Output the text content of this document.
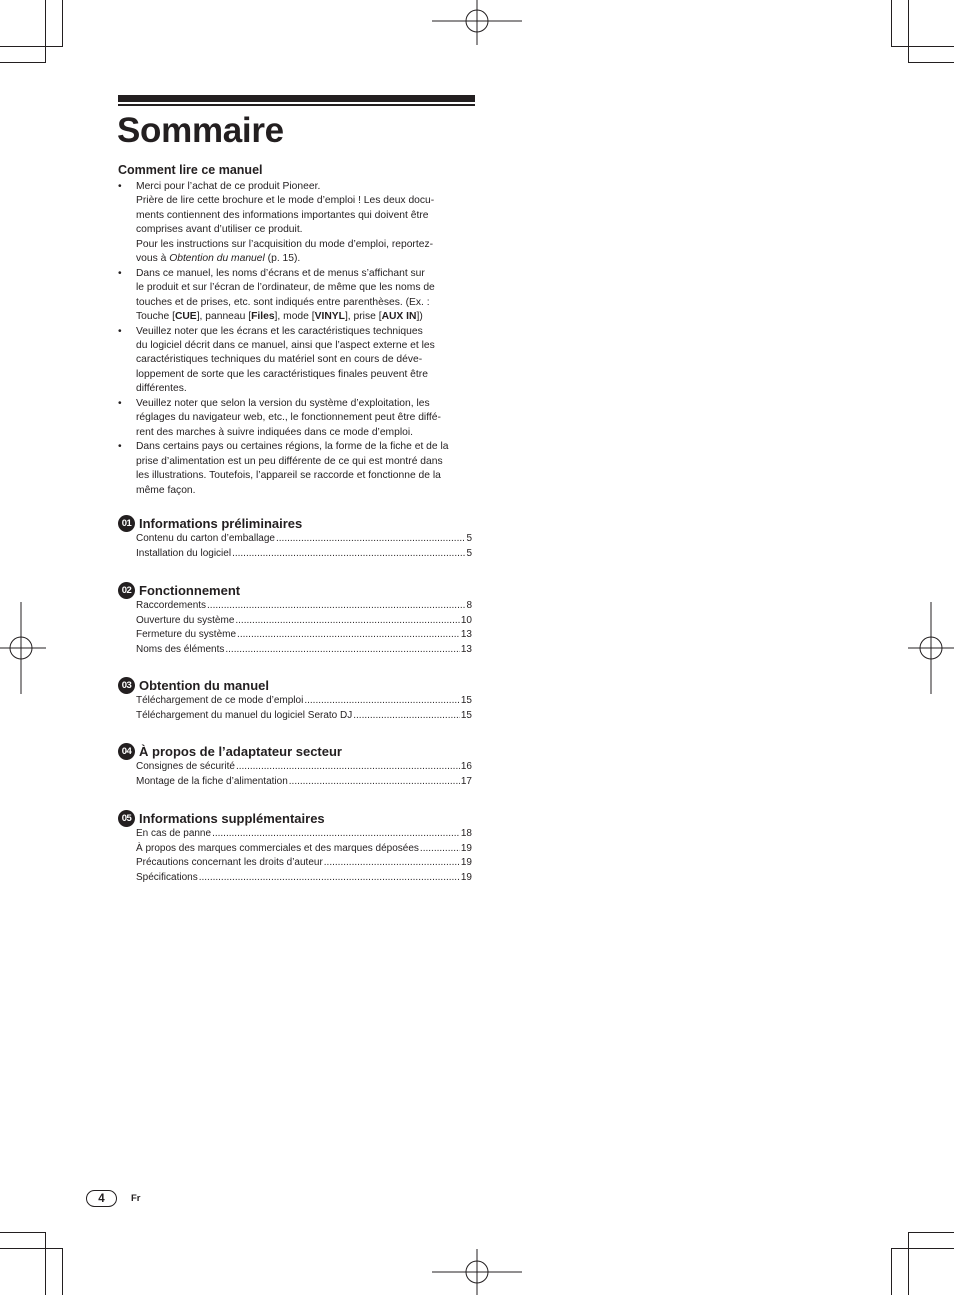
Sommaire

Comment lire ce manuel

• Merci pour l’achat de ce produit Pioneer.
Prière de lire cette brochure et le mode d’emploi ! Les deux docu-
ments contiennent des informations importantes qui doivent être
comprises avant d’utiliser ce produit.
Pour les instructions sur l’acquisition du mode d’emploi, reportez-
vous à Obtention du manuel (p. 15).
• Dans ce manuel, les noms d’écrans et de menus s’affichant sur
le produit et sur l’écran de l’ordinateur, de même que les noms de
touches et de prises, etc. sont indiqués entre parenthèses. (Ex. :
Touche [CUE], panneau [Files], mode [VINYL], prise [AUX IN])
• Veuillez noter que les écrans et les caractéristiques techniques
du logiciel décrit dans ce manuel, ainsi que l’aspect externe et les
caractéristiques techniques du matériel sont en cours de déve-
loppement de sorte que les caractéristiques finales peuvent être
différentes.
• Veuillez noter que selon la version du système d’exploitation, les
réglages du navigateur web, etc., le fonctionnement peut être diffé-
rent des marches à suivre indiquées dans ce mode d’emploi.
• Dans certains pays ou certaines régions, la forme de la fiche et de la
prise d’alimentation est un peu différente de ce qui est montré dans
les illustrations. Toutefois, l’appareil se raccorde et fonctionne de la
même façon.
01 Informations préliminaires
Contenu du carton d’emballage .....	5
Installation du logiciel .....	5
02 Fonctionnement
Raccordements .....	8
Ouverture du système .....	10
Fermeture du système .....	13
Noms des éléments .....	13
03 Obtention du manuel
Téléchargement de ce mode d’emploi .....	15
Téléchargement du manuel du logiciel Serato DJ .....	15
04 À propos de l’adaptateur secteur
Consignes de sécurité .....	16
Montage de la fiche d’alimentation .....	17
05 Informations supplémentaires
En cas de panne .....	18
À propos des marques commerciales et des marques déposées .....	19
Précautions concernant les droits d’auteur .....	19
Spécifications .....	19
4	Fr
